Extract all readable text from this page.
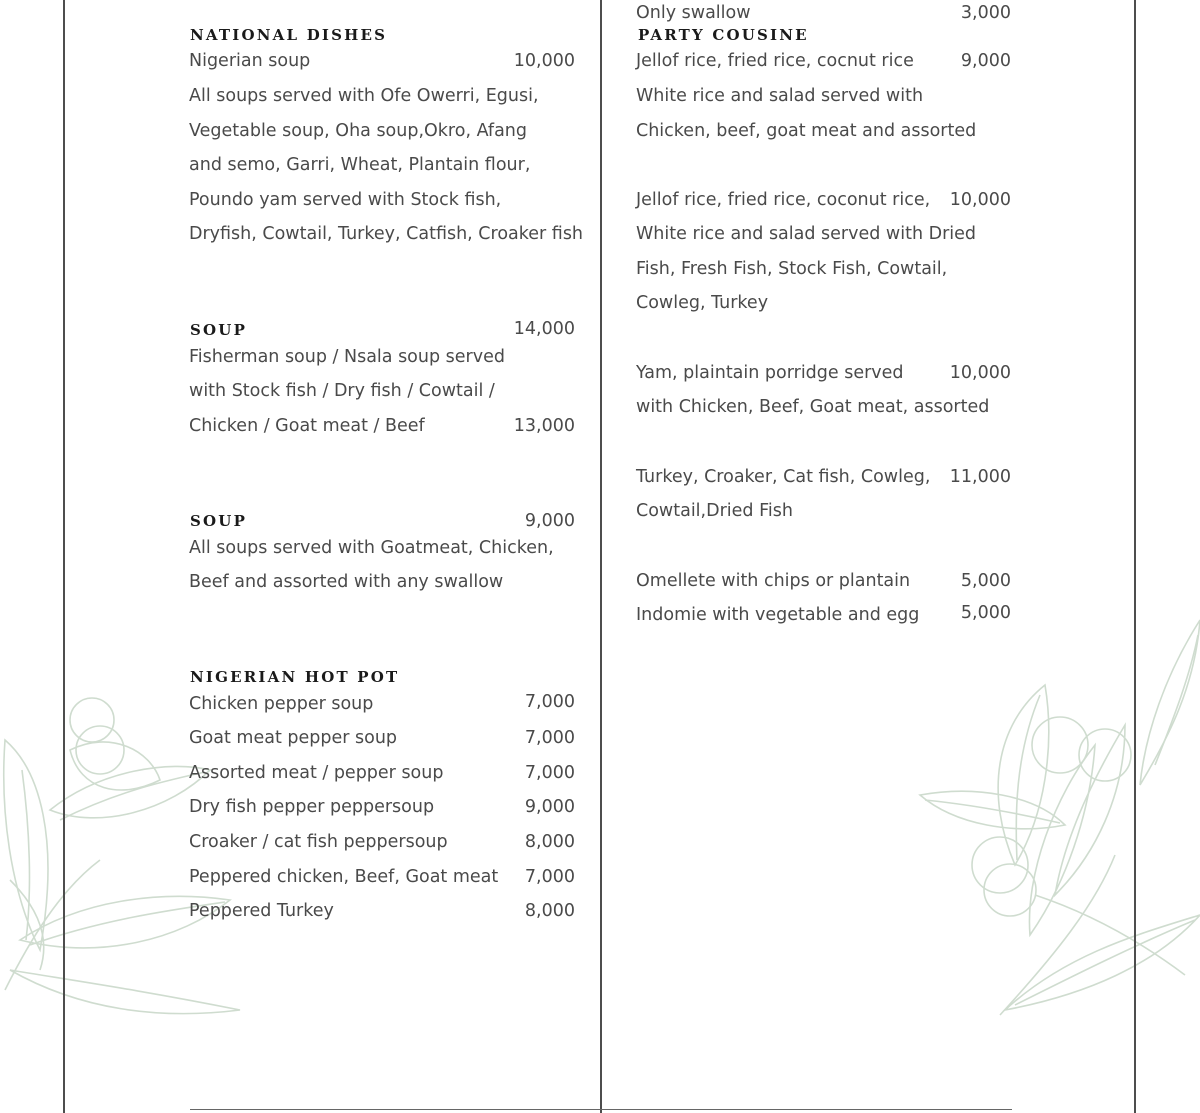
NATIONAL DISHES
Nigerian soup	10,000
All soups served with Ofe Owerri, Egusi,
Vegetable soup, Oha soup,Okro, Afang
and semo, Garri, Wheat, Plantain flour,
Poundo yam served with Stock fish,
Dryfish, Cowtail, Turkey, Catfish, Croaker fish
SOUP	14,000
Fisherman soup / Nsala soup served
with Stock fish / Dry fish / Cowtail /
Chicken / Goat meat / Beef	13,000
SOUP	9,000
All soups served with Goatmeat, Chicken,
Beef and assorted with any swallow
NIGERIAN HOT POT
Chicken pepper soup	7,000
Goat meat pepper soup	7,000
Assorted meat / pepper soup	7,000
Dry fish pepper peppersoup	9,000
Croaker / cat fish peppersoup	8,000
Peppered chicken, Beef, Goat meat	7,000
Peppered Turkey	8,000
Only swallow	3,000
PARTY COUSINE
Jellof rice, fried rice, cocnut rice	9,000
White rice and salad served with
Chicken, beef, goat meat and assorted
Jellof rice, fried rice, coconut rice,	10,000
White rice and salad served with Dried
Fish, Fresh Fish, Stock Fish, Cowtail,
Cowleg, Turkey
Yam, plaintain porridge served	10,000
with Chicken, Beef, Goat meat, assorted
Turkey, Croaker, Cat fish, Cowleg,	11,000
Cowtail,Dried Fish
Omellete with chips or plantain	5,000
Indomie with vegetable and egg	5,000
